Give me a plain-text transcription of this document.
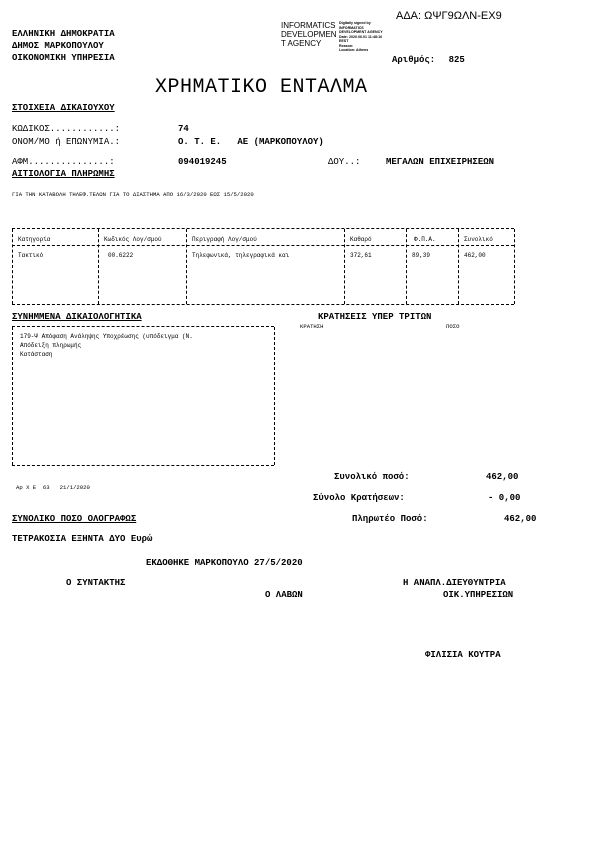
ΑΔΑ: ΩΨΓ9ΩΛΝ-ΕΧ9
ΕΛΛΗΝΙΚΗ ΔΗΜΟΚΡΑΤΙΑ
ΔΗΜΟΣ ΜΑΡΚΟΠΟΥΛΟΥ
ΟΙΚΟΝΟΜΙΚΗ ΥΠΗΡΕΣΙΑ
INFORMATICS
DEVELOPMEN
T AGENCY
Digitally signed by
INFORMATICS
DEVELOPMENT AGENCY
Date: 2020.06.01 11:48:16
EEST
Reason:
Location: Athens
Αριθμός: 825
ΧΡΗΜΑΤΙΚΟ ΕΝΤΑΛΜΑ
ΣΤΟΙΧΕΙΑ ΔΙΚΑΙΟΥΧΟΥ
ΚΩΔΙΚΟΣ............:	74
ΟΝΟΜ/ΜΟ ή ΕΠΩΝΥΜΙΑ.:	Ο. Τ. Ε.   ΑΕ (ΜΑΡΚΟΠΟΥΛΟΥ)
ΑΦΜ...............:	094019245	ΔΟΥ..:	ΜΕΓΑΛΩΝ ΕΠΙΧΕΙΡΗΣΕΩΝ
ΑΙΤΙΟΛΟΓΙΑ ΠΛΗΡΩΜΗΣ
ΓΙΑ ΤΗΝ ΚΑΤΑΒΟΛΗ ΤΗΛΕΦ.ΤΕΛΩΝ ΓΙΑ ΤΟ ΔΙΑΣΤΗΜΑ ΑΠΟ 16/3/2020 ΕΩΣ 15/5/2020
Κατηγορία	Κωδικός Λογ/σμού	Περιγραφή Λογ/σμού	Καθαρό	Φ.Π.Α.	Συνολικό
Τακτικό	00.6222	Τηλεφωνικά, τηλεγραφικά και	372,61	89,39	462,00
ΣΥΝΗΜΜΕΝΑ ΔΙΚΑΙΟΛΟΓΗΤΙΚΑ
179-Ψ Απόφαση Ανάληψης Υποχρέωσης (υπόδειγμα (Ν.
Απόδειξη πληρωμής
Κατάσταση
ΚΡΑΤΗΣΕΙΣ ΥΠΕΡ ΤΡΙΤΩΝ
ΚΡΑΤΗΣΗ	ΠΟΣΟ
Αρ Χ Ε  63   21/1/2020
Συνολικό ποσό:	462,00
Σύνολο Κρατήσεων:	- 0,00
Πληρωτέο Ποσό:	462,00
ΣΥΝΟΛΙΚΟ ΠΟΣΟ ΟΛΟΓΡΑΦΩΣ
ΤΕΤΡΑΚΟΣΙΑ ΕΞΗΝΤΑ ΔΥΟ Ευρώ
ΕΚΔΟΘΗΚΕ ΜΑΡΚΟΠΟΥΛΟ 27/5/2020
Ο ΣΥΝΤΑΚΤΗΣ
Ο ΛΑΒΩΝ
Η ΑΝΑΠΛ.ΔΙΕΥΘΥΝΤΡΙΑ
ΟΙΚ.ΥΠΗΡΕΣΙΩΝ
ΦΙΛΙΣΙΑ ΚΟΥΤΡΑ
